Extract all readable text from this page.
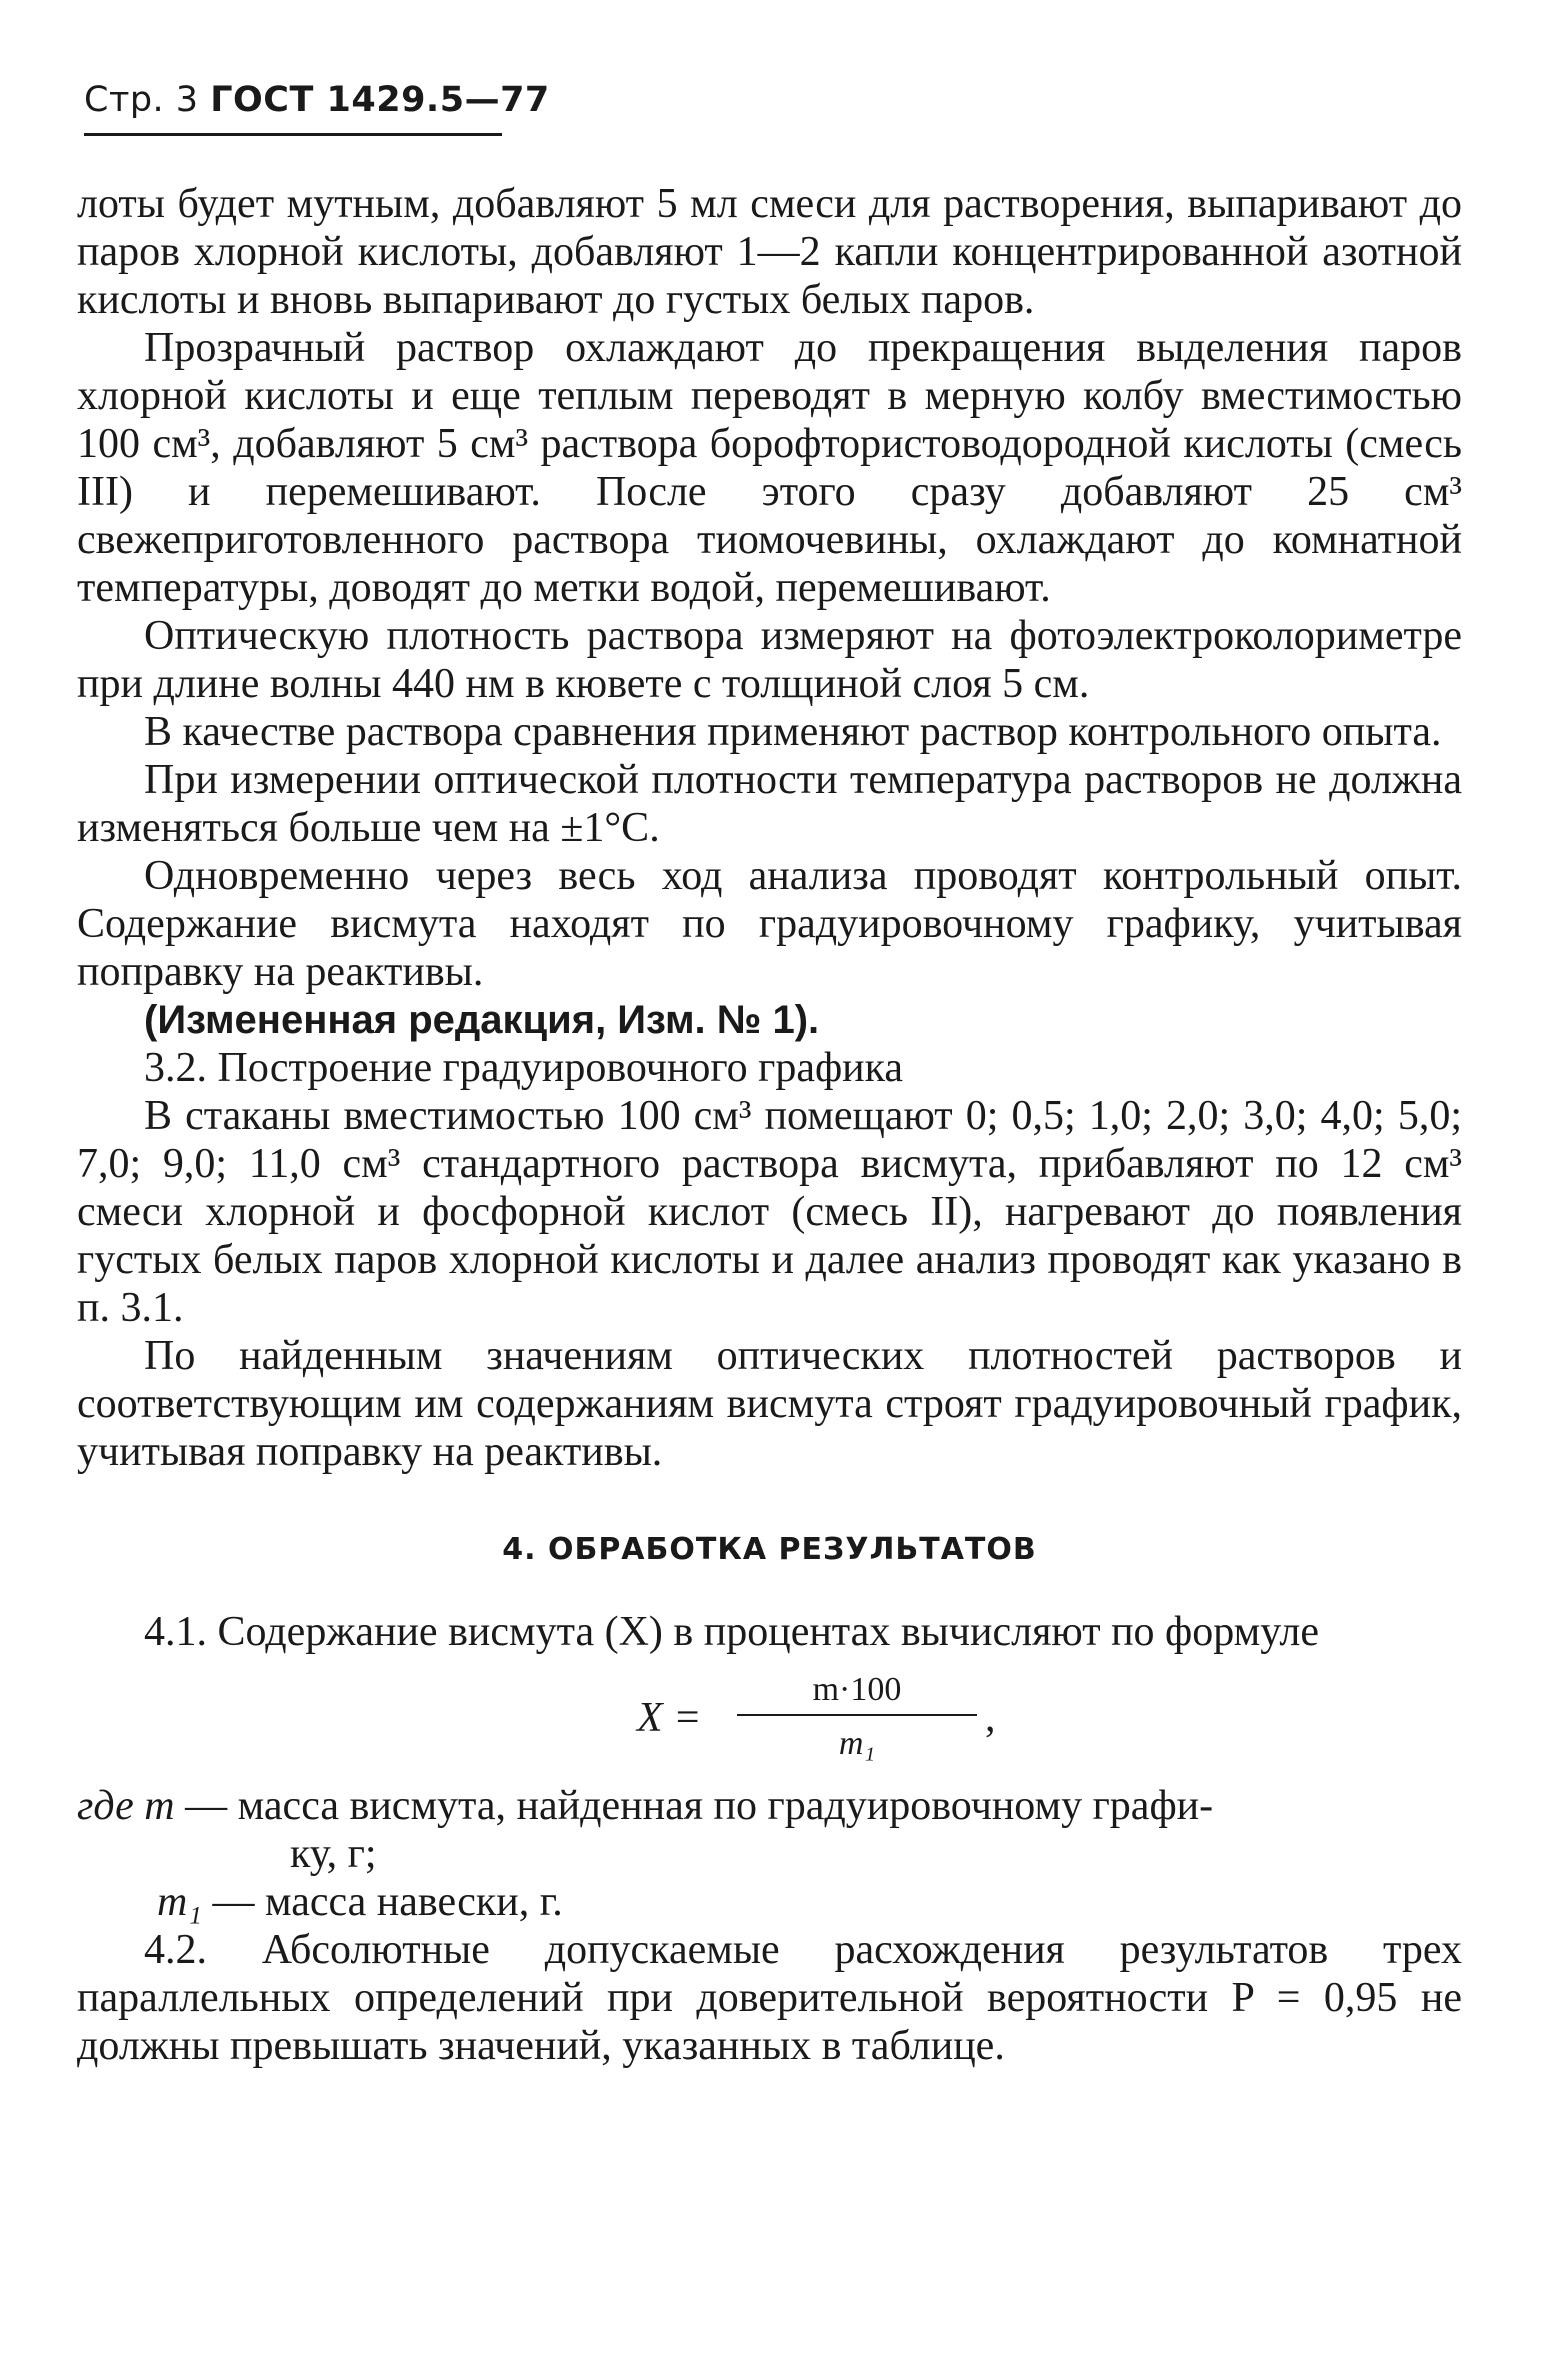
Стр. 3 ГОСТ 1429.5—77

лоты будет мутным, добавляют 5 мл смеси для растворения, выпаривают до паров хлорной кислоты, добавляют 1—2 капли концентрированной азотной кислоты и вновь выпаривают до густых белых паров.

Прозрачный раствор охлаждают до прекращения выделения паров хлорной кислоты и еще теплым переводят в мерную колбу вместимостью 100 см³, добавляют 5 см³ раствора борофтористоводородной кислоты (смесь III) и перемешивают. После этого сразу добавляют 25 см³ свежеприготовленного раствора тиомочевины, охлаждают до комнатной температуры, доводят до метки водой, перемешивают.

Оптическую плотность раствора измеряют на фотоэлектроколориметре при длине волны 440 нм в кювете с толщиной слоя 5 см.

В качестве раствора сравнения применяют раствор контрольного опыта.

При измерении оптической плотности температура растворов не должна изменяться больше чем на ±1°С.

Одновременно через весь ход анализа проводят контрольный опыт. Содержание висмута находят по градуировочному графику, учитывая поправку на реактивы.

(Измененная редакция, Изм. № 1).

3.2. Построение градуировочного графика

В стаканы вместимостью 100 см³ помещают 0; 0,5; 1,0; 2,0; 3,0; 4,0; 5,0; 7,0; 9,0; 11,0 см³ стандартного раствора висмута, прибавляют по 12 см³ смеси хлорной и фосфорной кислот (смесь II), нагревают до появления густых белых паров хлорной кислоты и далее анализ проводят как указано в п. 3.1.

По найденным значениям оптических плотностей растворов и соответствующим им содержаниям висмута строят градуировочный график, учитывая поправку на реактивы.

4. ОБРАБОТКА РЕЗУЛЬТАТОВ

4.1. Содержание висмута (X) в процентах вычисляют по формуле

X =
m·100
m₁
,
где m — масса висмута, найденная по градуировочному графи-
ку, г;
m₁ — масса навески, г.

4.2. Абсолютные допускаемые расхождения результатов трех параллельных определений при доверительной вероятности P = 0,95 не должны превышать значений, указанных в таблице.
